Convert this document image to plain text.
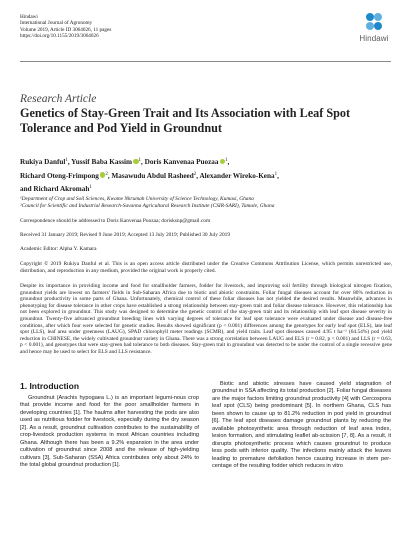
Hindawi
International Journal of Agronomy
Volume 2019, Article ID 3064026, 11 pages
https://doi.org/10.1155/2019/3064026	Hindawi
Research Article
Genetics of Stay-Green Trait and Its Association with Leaf Spot Tolerance and Pod Yield in Groundnut
Rukiya Danful$^1$, Yussif Baba Kassim $^1$, Doris Kanvenaa Puozaa $^1$,
Richard Oteng-Frimpong $^2$, Masawudu Abdul Rasheed$^2$, Alexander Wireko-Kena$^1$,
and Richard Akromah$^1$
¹Department of Crop and Soil Sciences, Kwame Nkrumah University of Science Technology, Kumasi, Ghana
²Council for Scientific and Industrial Research-Savanna Agricultural Research Institute (CSIR-SARI), Tamale, Ghana
Correspondence should be addressed to Doris Kanvenaa Puozaa; dorisksnp@gmail.com
Received 31 January 2019; Revised 9 June 2019; Accepted 13 July 2019; Published 30 July 2019
Academic Editor: Alpha Y. Kamara
Copyright © 2019 Rukiya Danful et al. This is an open access article distributed under the Creative Commons Attribution License, which permits unrestricted use, distribution, and reproduction in any medium, provided the original work is properly cited.
Despite its importance in providing income and food for smallholder farmers, fodder for livestock, and improving soil fertility through biological nitrogen fixation, groundnut yields are lowest on farmers' fields in Sub-Saharan Africa due to biotic and abiotic constraints. Foliar fungal diseases account for over 80% reduction in groundnut productivity in some parts of Ghana. Unfortunately, chemical control of these foliar diseases has not yielded the desired results. Meanwhile, advances in phenotyping for disease tolerance in other crops have established a strong relationship between stay-green trait and foliar disease tolerance. However, this relationship has not been explored in groundnut. This study was designed to determine the genetic control of the stay-green trait and its relationship with leaf spot disease severity in groundnut. Twenty-five advanced groundnut breeding lines with varying degrees of tolerance for leaf spot tolerance were evaluated under disease and disease-free conditions, after which four were selected for genetic studies. Results showed significant (p < 0.001) differences among the genotypes for early leaf spot (ELS), late leaf spot (LLS), leaf area under greenness (LAUG), SPAD chlorophyll meter readings (SCMR), and yield traits. Leaf spot diseases caused 4.95 t ha⁻¹ (64.54%) pod yield reduction in CHINESE, the widely cultivated groundnut variety in Ghana. There was a strong correlation between LAUG and ELS (r = 0.82, p < 0.001) and LLS (r = 0.63, p < 0.001), and genotypes that were stay-green had tolerance to both diseases. Stay-green trait in groundnut was detected to be under the control of a single recessive gene and hence may be used to select for ELS and LLS resistance.
1. Introduction

Groundnut (Arachis hypogaea L.) is an important legumi-nous crop that provide income and food for the poor smallholder farmers in developing countries [1]. The haulms after harvesting the pods are also used as nutritious fodder for livestock, especially during the dry season [2]. As a result, groundnut cultivation contributes to the sustainability of crop-livestock production systems in most African countries including Ghana. Although there has been a 9.2% expansion in the area under cultivation of groundnut since 2008 and the release of high-yielding cultivars [3], Sub-Saharan (SSA) Africa contributes only about 24% to the total global groundnut production [1].

Biotic and abiotic stresses have caused yield stagnation of groundnut in SSA affecting its total production [2]. Foliar fungal diseases are the major factors limiting groundnut productivity [4] with Cercospora leaf spot (CLS) being predominant [5]. In northern Ghana, CLS has been shown to cause up to 81.2% reduction in pod yield in groundnut [6]. The leaf spot diseases damage groundnut plants by reducing the available photosynthetic area through reduction of leaf area index, lesion formation, and stimulating leaflet ab-scission [7, 8]. As a result, it disrupts photosynthetic process which causes groundnut to produce less pods with inferior quality. The infections mainly attack the leaves leading to premature defoliation hence causing increase in stem per-centage of the resulting fodder which reduces in vitro
